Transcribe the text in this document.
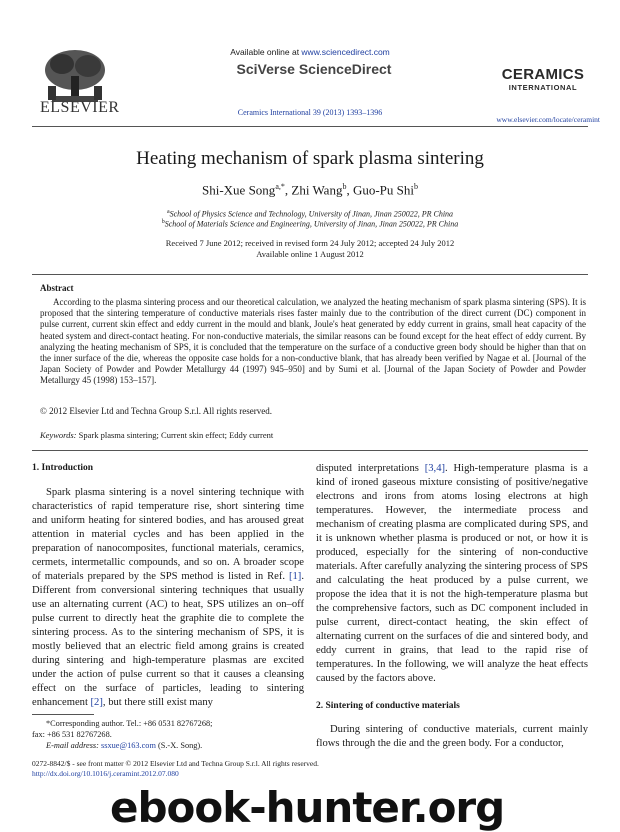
ELSEVIER
Available online at www.sciencedirect.com
SciVerse ScienceDirect
Ceramics International 39 (2013) 1393–1396
CERAMICS
INTERNATIONAL
www.elsevier.com/locate/ceramint
Heating mechanism of spark plasma sintering
Shi-Xue Song$^{a,*}$, Zhi Wang$^b$, Guo-Pu Shi$^b$
$^a$School of Physics Science and Technology, University of Jinan, Jinan 250022, PR China
$^b$School of Materials Science and Engineering, University of Jinan, Jinan 250022, PR China
Received 7 June 2012; received in revised form 24 July 2012; accepted 24 July 2012
Available online 1 August 2012
Abstract
According to the plasma sintering process and our theoretical calculation, we analyzed the heating mechanism of spark plasma sintering (SPS). It is proposed that the sintering temperature of conductive materials rises faster mainly due to the contribution of the direct current (DC) component in pulse current, current skin effect and eddy current in the mould and blank, Joule's heat generated by eddy current in grains, small heat capacity of the heated system and direct-contact heating. For non-conductive materials, the similar reasons can be found except for the heat effect of eddy current. By analyzing the heating mechanism of SPS, it is concluded that the temperature on the surface of a conductive green body should be higher than that on the inner surface of the die, whereas the opposite case holds for a non-conductive blank, that has already been verified by Nagae et al. [Journal of the Japan Society of Powder and Powder Metallurgy 44 (1997) 945–950] and by Sumi et al. [Journal of the Japan Society of Powder and Powder Metallurgy 45 (1998) 153–157].
© 2012 Elsevier Ltd and Techna Group S.r.l. All rights reserved.
Keywords: Spark plasma sintering; Current skin effect; Eddy current
1. Introduction

Spark plasma sintering is a novel sintering technique with characteristics of rapid temperature rise, short sintering time and uniform heating for sintered bodies, and has aroused great attention in material cycles and has been applied in the preparation of nanocomposites, functional materials, ceramics, cermets, intermetallic compounds, and so on. A broader scope of materials prepared by the SPS method is listed in Ref. [1]. Different from conversional sintering techniques that usually use an alternating current (AC) to heat, SPS utilizes an on–off pulse current to directly heat the graphite die to complete the sintering process. As to the sintering mechanism of SPS, it is mostly believed that an electric field among grains is created during sintering and high-temperature plasmas are excited under the action of pulse current so that it causes a cleansing effect on the surface of particles, leading to sintering enhancement [2], but there still exist many

*Corresponding author. Tel.: +86 0531 82767268;
fax: +86 531 82767268.
E-mail address: ssxue@163.com (S.-X. Song).

disputed interpretations [3,4]. High-temperature plasma is a kind of ironed gaseous mixture consisting of positive/negative electrons and irons from atoms losing electrons at high temperatures. However, the intermediate process and mechanism of creating plasma are complicated during SPS, and it is unknown whether plasma is produced or not, or how it is produced, especially for the sintering of non-conductive materials. After carefully analyzing the sintering process of SPS and calculating the heat produced by a pulse current, we propose the idea that it is not the high-temperature plasma but the comprehensive factors, such as DC component included in pulse current, direct-contact heating, the skin effect of alternating current on the surfaces of die and sintered body, and eddy current in grains, that lead to the rapid rise of temperatures. In the following, we will analyze the heat effects caused by the factors above.

2. Sintering of conductive materials

During sintering of conductive materials, current mainly flows through the die and the green body. For a conductor,

0272-8842/$ - see front matter © 2012 Elsevier Ltd and Techna Group S.r.l. All rights reserved.
http://dx.doi.org/10.1016/j.ceramint.2012.07.080
ebook-hunter.org
